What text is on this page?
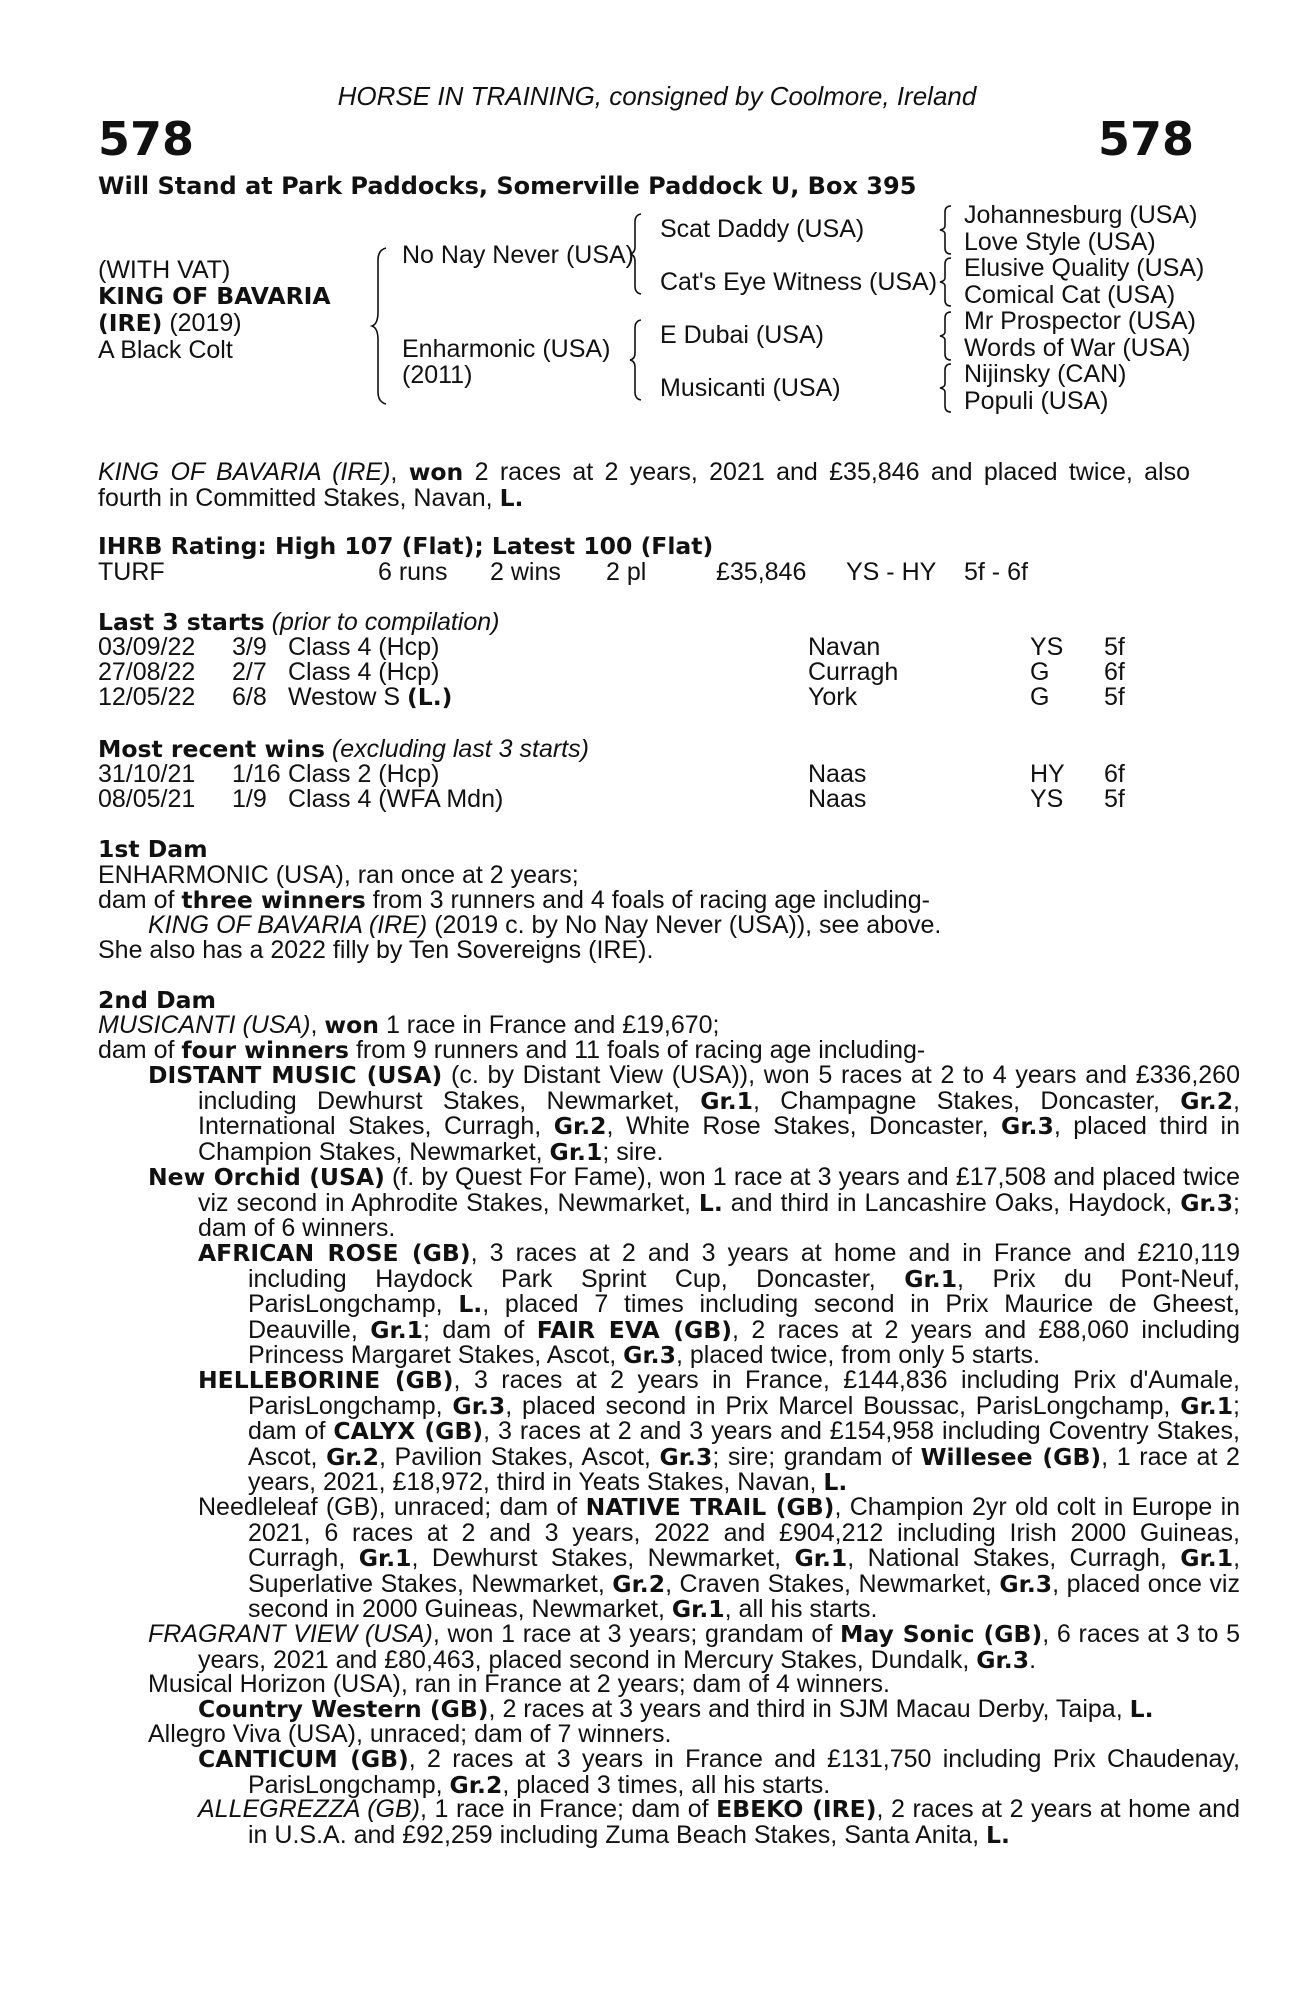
HORSE IN TRAINING, consigned by Coolmore, Ireland
578	578
Will Stand at Park Paddocks, Somerville Paddock U, Box 395
(WITH VAT)
KING OF BAVARIA
(IRE) (2019)
A Black Colt
No Nay Never (USA)
Enharmonic (USA)
(2011)
Scat Daddy (USA)
Cat's Eye Witness (USA)
E Dubai (USA)
Musicanti (USA)
Johannesburg (USA)
Love Style (USA)
Elusive Quality (USA)
Comical Cat (USA)
Mr Prospector (USA)
Words of War (USA)
Nijinsky (CAN)
Populi (USA)
KING OF BAVARIA (IRE), won 2 races at 2 years, 2021 and £35,846 and placed twice, also fourth in Committed Stakes, Navan, L.
IHRB Rating: High 107 (Flat); Latest 100 (Flat)
TURF	6 runs 2 wins 2 pl	£35,846 YS - HY 5f - 6f
Last 3 starts (prior to compilation)
03/09/22 3/9 Class 4 (Hcp)	Navan	YS 5f
27/08/22 2/7 Class 4 (Hcp)	Curragh	G 6f
12/05/22 6/8 Westow S (L.)	York	G 5f
Most recent wins (excluding last 3 starts)
31/10/21 1/16 Class 2 (Hcp)	Naas	HY 6f
08/05/21 1/9 Class 4 (WFA Mdn)	Naas	YS 5f
1st Dam
ENHARMONIC (USA), ran once at 2 years;
dam of three winners from 3 runners and 4 foals of racing age including-
KING OF BAVARIA (IRE) (2019 c. by No Nay Never (USA)), see above.
She also has a 2022 filly by Ten Sovereigns (IRE).
2nd Dam
MUSICANTI (USA), won 1 race in France and £19,670;
dam of four winners from 9 runners and 11 foals of racing age including-
DISTANT MUSIC (USA) (c. by Distant View (USA)), won 5 races at 2 to 4 years and £336,260 including Dewhurst Stakes, Newmarket, Gr.1, Champagne Stakes, Doncaster, Gr.2, International Stakes, Curragh, Gr.2, White Rose Stakes, Doncaster, Gr.3, placed third in Champion Stakes, Newmarket, Gr.1; sire.
New Orchid (USA) (f. by Quest For Fame), won 1 race at 3 years and £17,508 and placed twice viz second in Aphrodite Stakes, Newmarket, L. and third in Lancashire Oaks, Haydock, Gr.3; dam of 6 winners.
AFRICAN ROSE (GB), 3 races at 2 and 3 years at home and in France and £210,119 including Haydock Park Sprint Cup, Doncaster, Gr.1, Prix du Pont-Neuf, ParisLongchamp, L., placed 7 times including second in Prix Maurice de Gheest, Deauville, Gr.1; dam of FAIR EVA (GB), 2 races at 2 years and £88,060 including Princess Margaret Stakes, Ascot, Gr.3, placed twice, from only 5 starts.
HELLEBORINE (GB), 3 races at 2 years in France, £144,836 including Prix d'Aumale, ParisLongchamp, Gr.3, placed second in Prix Marcel Boussac, ParisLongchamp, Gr.1; dam of CALYX (GB), 3 races at 2 and 3 years and £154,958 including Coventry Stakes, Ascot, Gr.2, Pavilion Stakes, Ascot, Gr.3; sire; grandam of Willesee (GB), 1 race at 2 years, 2021, £18,972, third in Yeats Stakes, Navan, L.
Needleleaf (GB), unraced; dam of NATIVE TRAIL (GB), Champion 2yr old colt in Europe in 2021, 6 races at 2 and 3 years, 2022 and £904,212 including Irish 2000 Guineas, Curragh, Gr.1, Dewhurst Stakes, Newmarket, Gr.1, National Stakes, Curragh, Gr.1, Superlative Stakes, Newmarket, Gr.2, Craven Stakes, Newmarket, Gr.3, placed once viz second in 2000 Guineas, Newmarket, Gr.1, all his starts.
FRAGRANT VIEW (USA), won 1 race at 3 years; grandam of May Sonic (GB), 6 races at 3 to 5 years, 2021 and £80,463, placed second in Mercury Stakes, Dundalk, Gr.3.
Musical Horizon (USA), ran in France at 2 years; dam of 4 winners.
Country Western (GB), 2 races at 3 years and third in SJM Macau Derby, Taipa, L.
Allegro Viva (USA), unraced; dam of 7 winners.
CANTICUM (GB), 2 races at 3 years in France and £131,750 including Prix Chaudenay, ParisLongchamp, Gr.2, placed 3 times, all his starts.
ALLEGREZZA (GB), 1 race in France; dam of EBEKO (IRE), 2 races at 2 years at home and in U.S.A. and £92,259 including Zuma Beach Stakes, Santa Anita, L.
